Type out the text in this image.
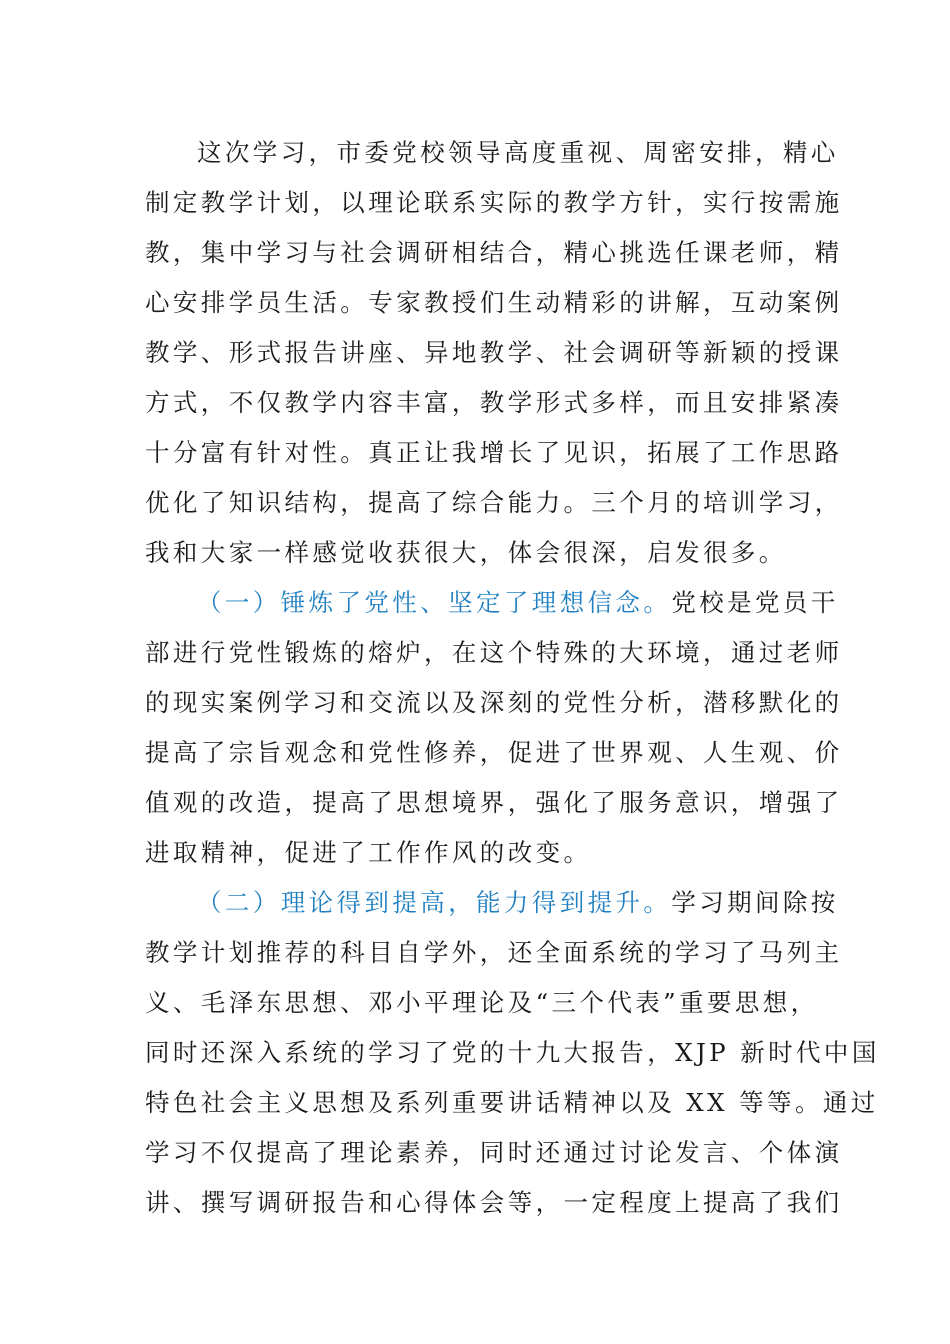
这次学习，市委党校领导高度重视、周密安排，精心
制定教学计划，以理论联系实际的教学方针，实行按需施
教，集中学习与社会调研相结合，精心挑选任课老师，精
心安排学员生活。专家教授们生动精彩的讲解，互动案例
教学、形式报告讲座、异地教学、社会调研等新颖的授课
方式，不仅教学内容丰富，教学形式多样，而且安排紧凑
十分富有针对性。真正让我增长了见识，拓展了工作思路
优化了知识结构，提高了综合能力。三个月的培训学习，
我和大家一样感觉收获很大，体会很深，启发很多。
（一）锤炼了党性、坚定了理想信念。党校是党员干
部进行党性锻炼的熔炉，在这个特殊的大环境，通过老师
的现实案例学习和交流以及深刻的党性分析，潜移默化的
提高了宗旨观念和党性修养，促进了世界观、人生观、价
值观的改造，提高了思想境界，强化了服务意识，增强了
进取精神，促进了工作作风的改变。
（二）理论得到提高，能力得到提升。学习期间除按
教学计划推荐的科目自学外，还全面系统的学习了马列主
义、毛泽东思想、邓小平理论及“三个代表”重要思想，
同时还深入系统的学习了党的十九大报告，XJP 新时代中国
特色社会主义思想及系列重要讲话精神以及 XX 等等。通过
学习不仅提高了理论素养，同时还通过讨论发言、个体演
讲、撰写调研报告和心得体会等，一定程度上提高了我们
